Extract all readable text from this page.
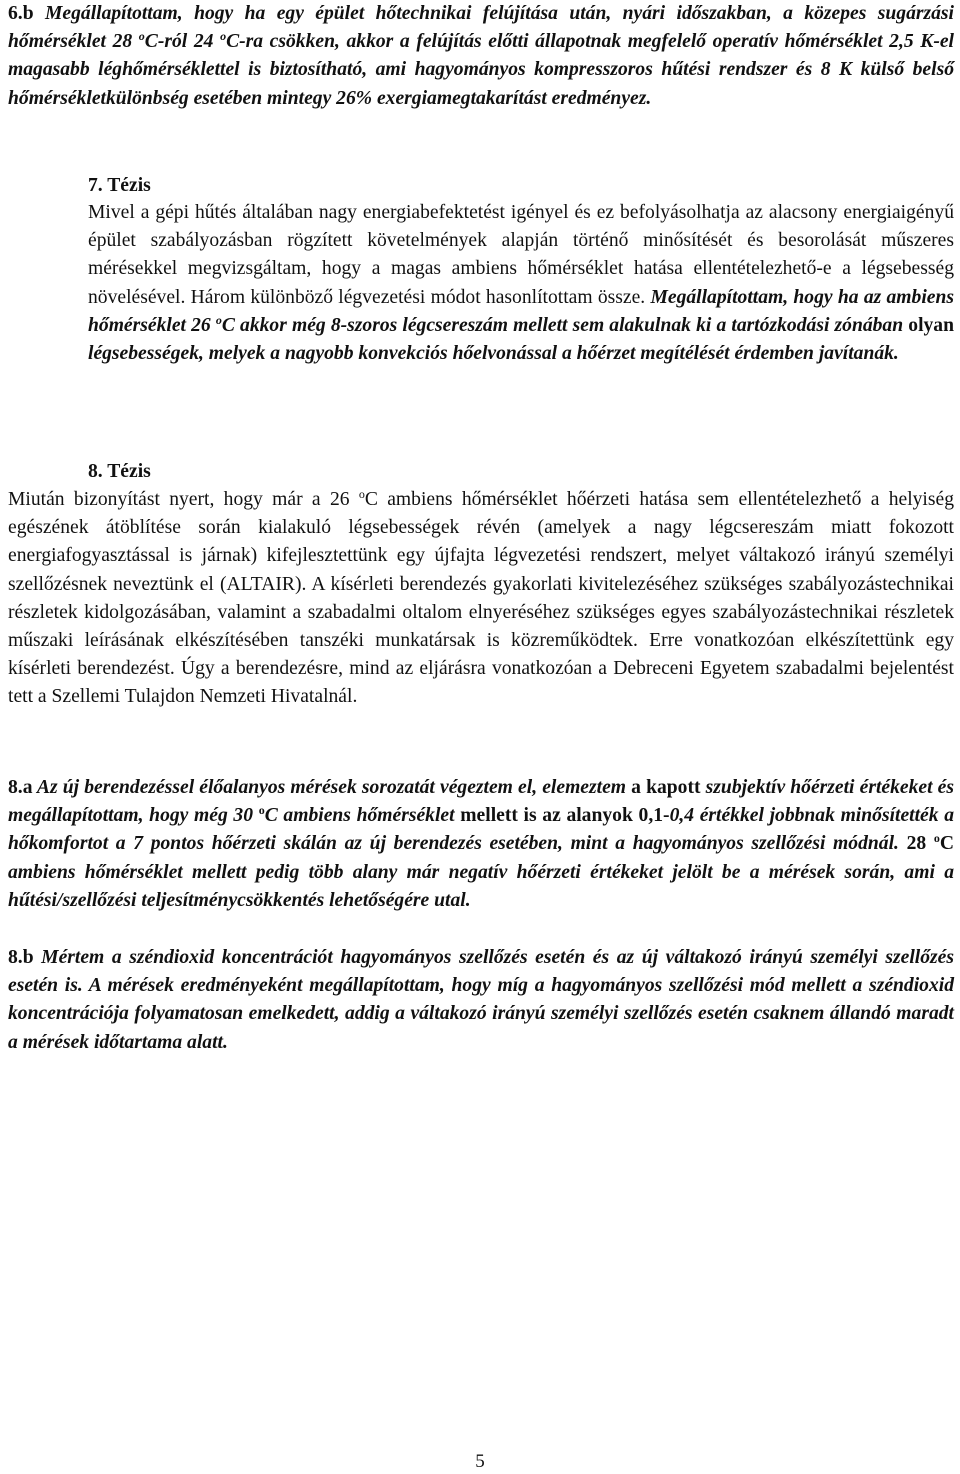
6.b Megállapítottam, hogy ha egy épület hőtechnikai felújítása után, nyári időszakban, a közepes sugárzási hőmérséklet 28 $^o$C-ról 24 $^o$C-ra csökken, akkor a felújítás előtti állapotnak megfelelő operatív hőmérséklet 2,5 K-el magasabb léghőmérséklettel is biztosítható, ami hagyományos kompresszoros hűtési rendszer és 8 K külső belső hőmérsékletkülönbség esetében mintegy 26% exergiamegtakarítást eredményez.

7. Tézis

Mivel a gépi hűtés általában nagy energiabefektetést igényel és ez befolyásolhatja az alacsony energiaigényű épület szabályozásban rögzített követelmények alapján történő minősítését és besorolását műszeres mérésekkel megvizsgáltam, hogy a magas ambiens hőmérséklet hatása ellentételezhető-e a légsebesség növelésével. Három különböző légvezetési módot hasonlítottam össze. Megállapítottam, hogy ha az ambiens hőmérséklet 26 $^o$C akkor még 8-szoros légcsereszám mellett sem alakulnak ki a tartózkodási zónában olyan légsebességek, melyek a nagyobb konvekciós hőelvonással a hőérzet megítélését érdemben javítanák.

8. Tézis

Miután bizonyítást nyert, hogy már a 26 $^o$C ambiens hőmérséklet hőérzeti hatása sem ellentételezhető a helyiség egészének átöblítése során kialakuló légsebességek révén (amelyek a nagy légcsereszám miatt fokozott energiafogyasztással is járnak) kifejlesztettünk egy újfajta légvezetési rendszert, melyet váltakozó irányú személyi szellőzésnek neveztünk el (ALTAIR). A kísérleti berendezés gyakorlati kivitelezéséhez szükséges szabályozástechnikai részletek kidolgozásában, valamint a szabadalmi oltalom elnyeréséhez szükséges egyes szabályozástechnikai részletek műszaki leírásának elkészítésében tanszéki munkatársak is közreműködtek. Erre vonatkozóan elkészítettünk egy kísérleti berendezést. Úgy a berendezésre, mind az eljárásra vonatkozóan a Debreceni Egyetem szabadalmi bejelentést tett a Szellemi Tulajdon Nemzeti Hivatalnál.

8.a Az új berendezéssel élőalanyos mérések sorozatát végeztem el, elemeztem a kapott szubjektív hőérzeti értékeket és megállapítottam, hogy még 30 $^o$C ambiens hőmérséklet mellett is az alanyok 0,1-0,4 értékkel jobbnak minősítették a hőkomfortot a 7 pontos hőérzeti skálán az új berendezés esetében, mint a hagyományos szellőzési módnál. 28 $^o$C ambiens hőmérséklet mellett pedig több alany már negatív hőérzeti értékeket jelölt be a mérések során, ami a hűtési/szellőzési teljesítménycsökkentés lehetőségére utal.

8.b Mértem a széndioxid koncentrációt hagyományos szellőzés esetén és az új váltakozó irányú személyi szellőzés esetén is. A mérések eredményeként megállapítottam, hogy míg a hagyományos szellőzési mód mellett a széndioxid koncentrációja folyamatosan emelkedett, addig a váltakozó irányú személyi szellőzés esetén csaknem állandó maradt a mérések időtartama alatt.

5
